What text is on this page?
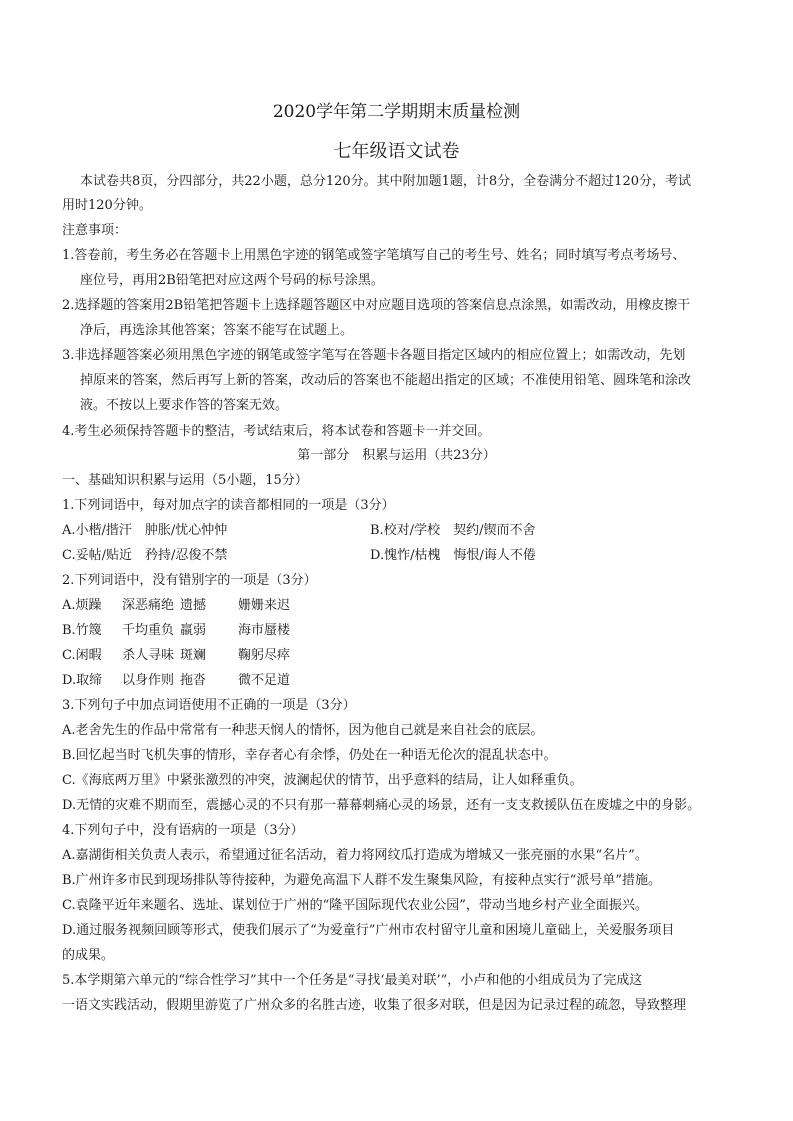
2020学年第二学期期末质量检测
七年级语文试卷
本试卷共8页，分四部分，共22小题，总分120分。其中附加题1题，计8分，全卷满分不超过120分，考试
用时120分钟。
注意事项：
1.答卷前，考生务必在答题卡上用黑色字迹的钢笔或签字笔填写自己的考生号、姓名；同时填写考点考场号、
座位号，再用2B铅笔把对应这两个号码的标号涂黑。
2.选择题的答案用2B铅笔把答题卡上选择题答题区中对应题目选项的答案信息点涂黑，如需改动，用橡皮擦干
净后，再选涂其他答案；答案不能写在试题上。
3.非选择题答案必须用黑色字迹的钢笔或签字笔写在答题卡各题目指定区域内的相应位置上；如需改动，先划
掉原来的答案，然后再写上新的答案，改动后的答案也不能超出指定的区域；不准使用铅笔、圆珠笔和涂改
液。不按以上要求作答的答案无效。
4.考生必须保持答题卡的整洁，考试结束后，将本试卷和答题卡一并交回。
第一部分　积累与运用（共23分）
一、基础知识积累与运用（5小题，15分）
1.下列词语中，每对加点字的读音都相同的一项是（3分）
A.小楷/揩汗　肿胀/忧心忡忡	B.校对/学校　契约/锲而不舍
C.妥帖/贴近　矜持/忍俊不禁	D.愧怍/枯槐　悔恨/诲人不倦
2.下列词语中，没有错别字的一项是（3分）
A.烦躁 深恶痛绝 遗撼 姗姗来迟
B.竹篾 千均重负 羸弱 海市蜃楼
C.闲暇 杀人寻味 斑斓 鞠躬尽瘁
D.取缔 以身作则 拖沓 微不足道
3.下列句子中加点词语使用不正确的一项是（3分）
A.老舍先生的作品中常常有一种悲天悯人的情怀，因为他自己就是来自社会的底层。
B.回忆起当时飞机失事的情形，幸存者心有余悸，仍处在一种语无伦次的混乱状态中。
C.《海底两万里》中紧张激烈的冲突，波澜起伏的情节，出乎意料的结局，让人如释重负。
D.无情的灾难不期而至，震撼心灵的不只有那一幕幕刺痛心灵的场景，还有一支支救援队伍在废墟之中的身影。
4.下列句子中，没有语病的一项是（3分）
A.嘉湖街相关负责人表示，希望通过征名活动，着力将网纹瓜打造成为增城又一张亮丽的水果“名片”。
B.广州许多市民到现场排队等待接种，为避免高温下人群不发生聚集风险，有接种点实行“派号单”措施。
C.袁隆平近年来题名、选址、谋划位于广州的“隆平国际现代农业公园”，带动当地乡村产业全面振兴。
D.通过服务视频回顾等形式，使我们展示了“为爱童行”广州市农村留守儿童和困境儿童础上，关爱服务项目
的成果。
5.本学期第六单元的“综合性学习”其中一个任务是“寻找‘最美对联’”，小卢和他的小组成员为了完成这
一语文实践活动，假期里游览了广州众多的名胜古迹，收集了很多对联，但是因为记录过程的疏忽，导致整理
